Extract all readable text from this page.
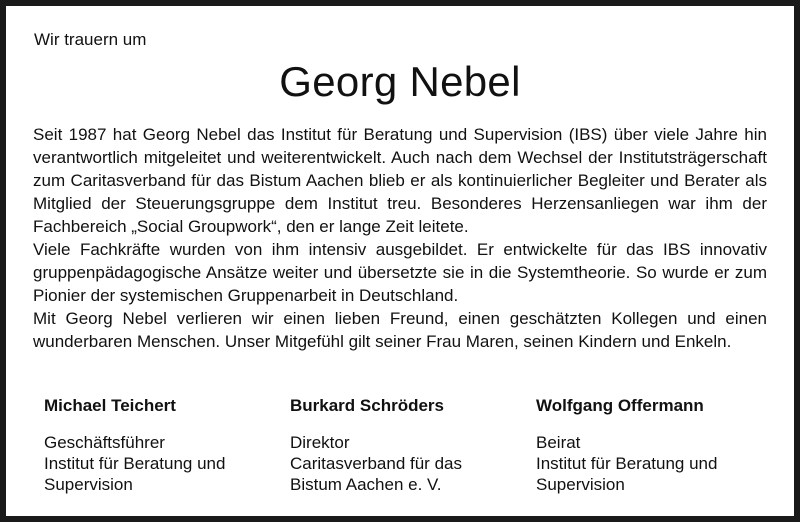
Wir trauern um

Georg Nebel

Seit 1987 hat Georg Nebel das Institut für Beratung und Supervision (IBS) über viele Jahre hin verantwortlich mitgeleitet und weiterentwickelt. Auch nach dem Wechsel der Institutsträgerschaft zum Caritasverband für das Bistum Aachen blieb er als kontinuierlicher Begleiter und Berater als Mitglied der Steuerungsgruppe dem Institut treu. Besonderes Herzensanliegen war ihm der Fachbereich „Social Groupwork“, den er lange Zeit leitete.

Viele Fachkräfte wurden von ihm intensiv ausgebildet. Er entwickelte für das IBS innovativ gruppenpädagogische Ansätze weiter und übersetzte sie in die Systemtheorie. So wurde er zum Pionier der systemischen Gruppenarbeit in Deutschland.

Mit Georg Nebel verlieren wir einen lieben Freund, einen geschätzten Kollegen und einen wunderbaren Menschen. Unser Mitgefühl gilt seiner Frau Maren, seinen Kindern und Enkeln.

Michael Teichert

Geschäftsführer
Institut für Beratung und
Supervision

Burkard Schröders

Direktor
Caritasverband für das
Bistum Aachen e. V.

Wolfgang Offermann

Beirat
Institut für Beratung und
Supervision
